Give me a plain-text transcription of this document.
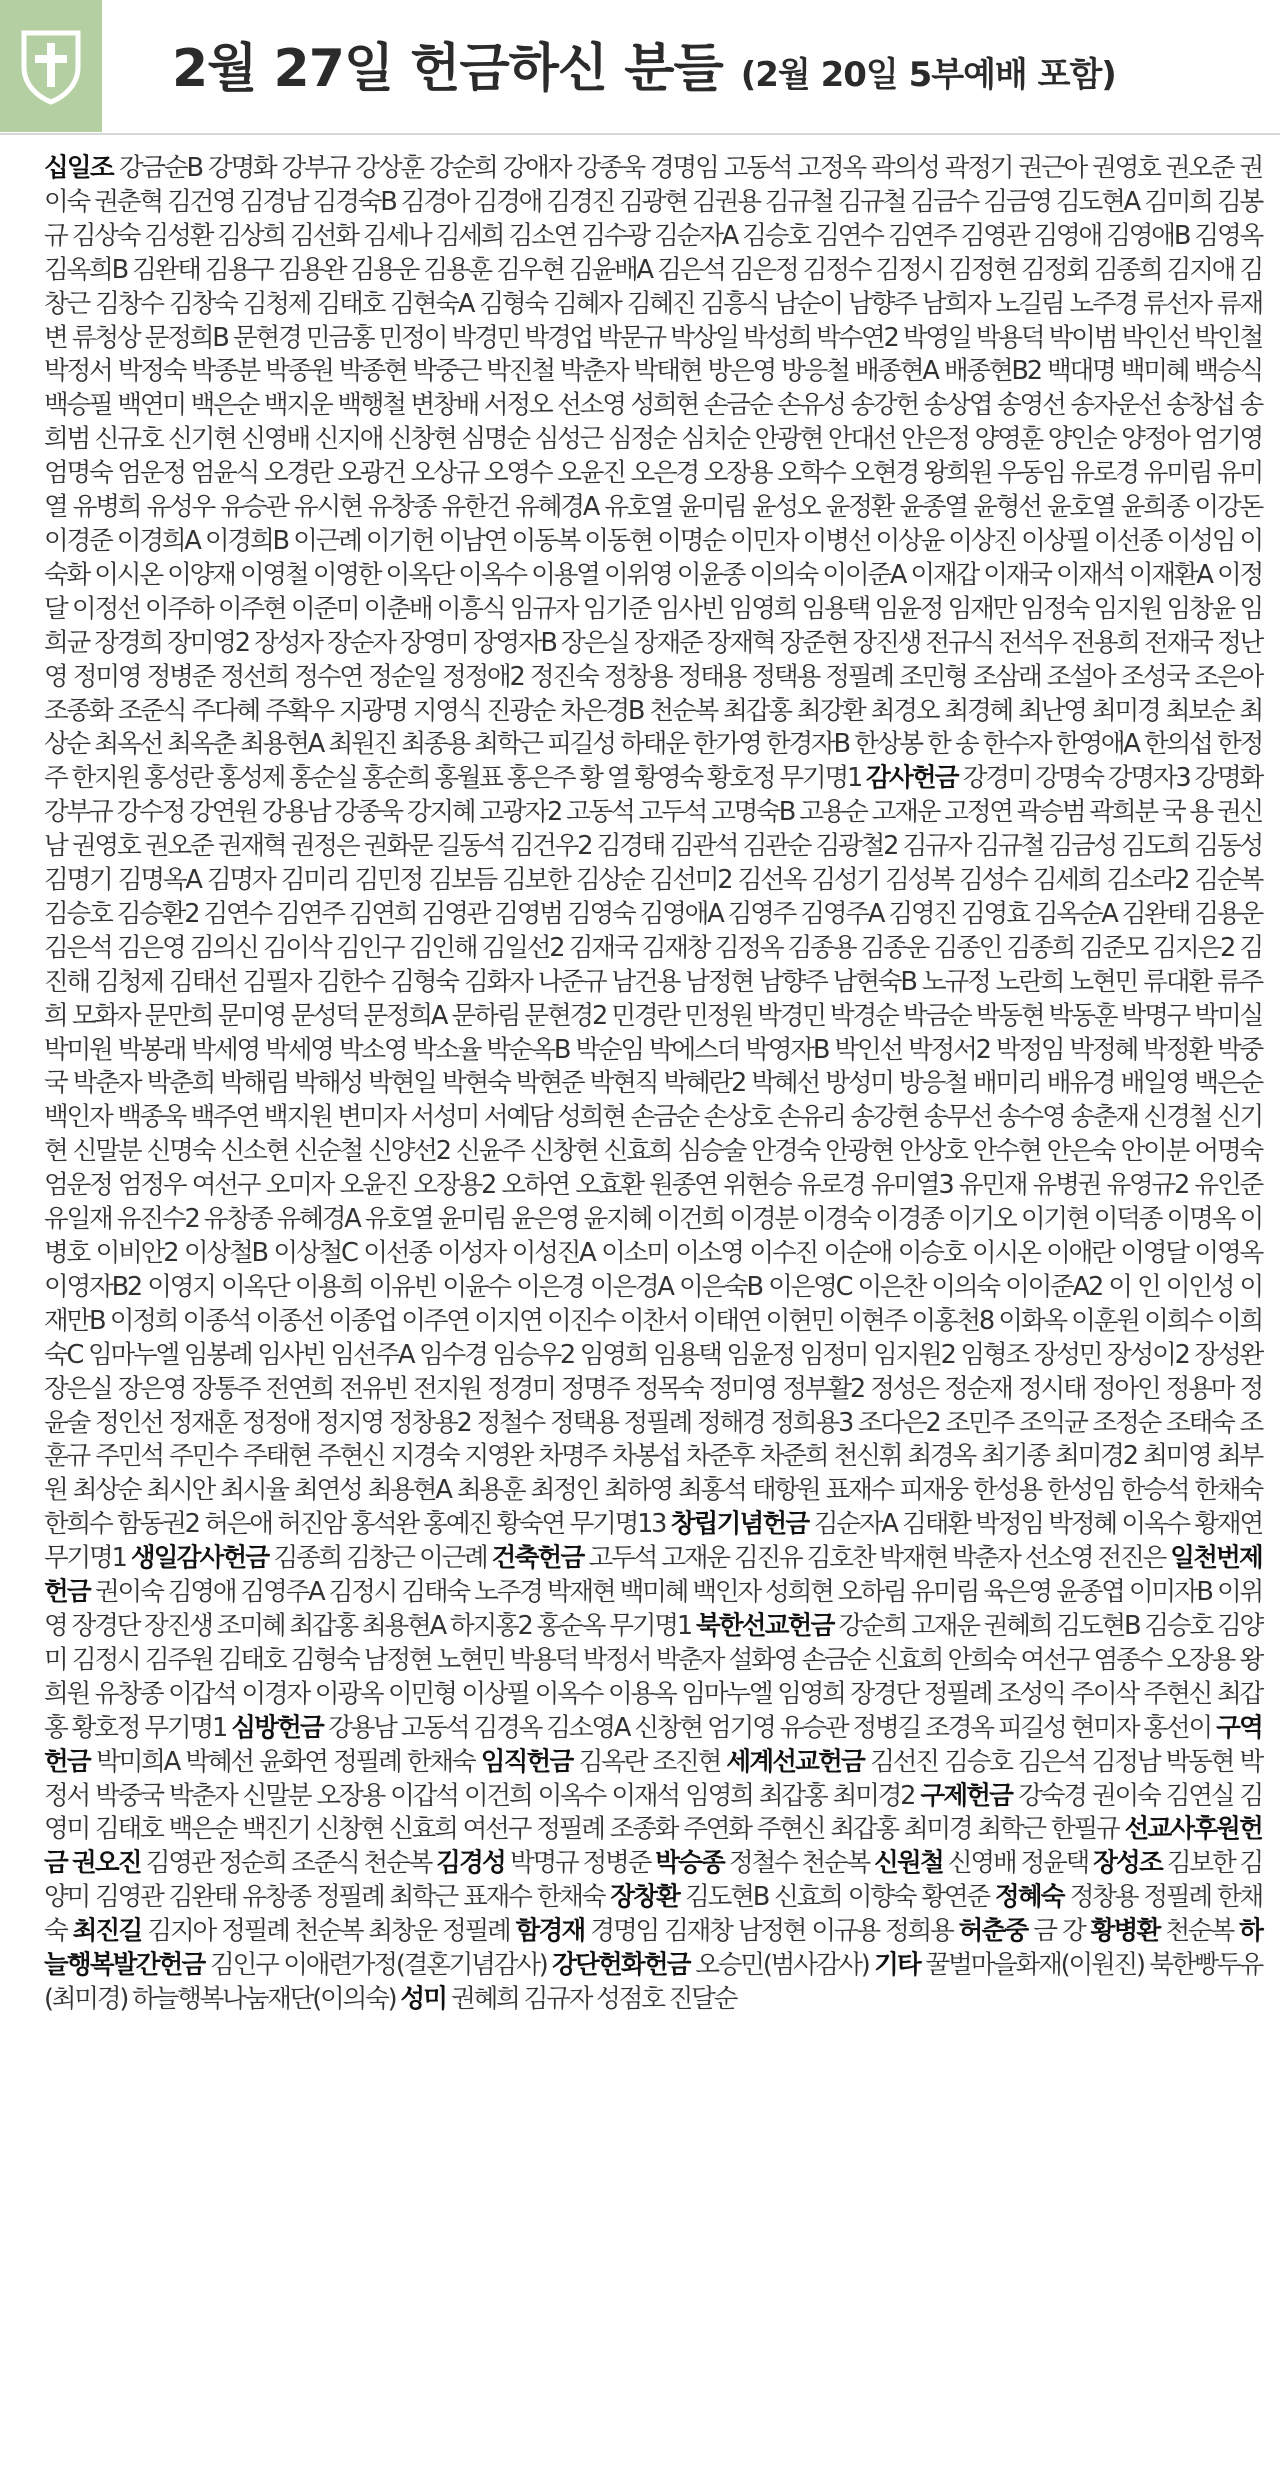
2월 27일 헌금하신 분들 (2월 20일 5부예배 포함)
십일조 강금순B 강명화 강부규 강상훈 강순희 강애자 강종욱 경명임 고동석 고정옥 곽의성 곽정기 권근아 권영호 권오준 권이숙 권춘혁 김건영 김경남 김경숙B 김경아 김경애 김경진 김광현 김권용 김규철 김규철 김금수 김금영 김도현A 김미희 김봉규 김상숙 김성환 김상희 김선화 김세나 김세희 김소연 김수광 김순자A 김승호 김연수 김연주 김영관 김영애 김영애B 김영옥 김옥희B 김완태 김용구 김용완 김용운 김용훈 김우현 김윤배A 김은석 김은정 김정수 김정시 김정현 김정회 김종희 김지애 김창근 김창수 김창숙 김청제 김태호 김현숙A 김형숙 김혜자 김혜진 김흥식 남순이 남향주 남희자 노길림 노주경 류선자 류재변 류청상 문정희B 문현경 민금홍 민정이 박경민 박경업 박문규 박상일 박성희 박수연2 박영일 박용덕 박이범 박인선 박인철 박정서 박정숙 박종분 박종원 박종현 박중근 박진철 박춘자 박태현 방은영 방응철 배종현A 배종현B2 백대명 백미혜 백승식 백승필 백연미 백은순 백지운 백행철 변창배 서정오 선소영 성희현 손금순 손유성 송강헌 송상엽 송영선 송자운선 송창섭 송희범 신규호 신기현 신영배 신지애 신창현 심명순 심성근 심정순 심치순 안광현 안대선 안은정 양영훈 양인순 양정아 엄기영 엄명숙 엄운정 엄윤식 오경란 오광건 오상규 오영수 오윤진 오은경 오장용 오학수 오현경 왕희원 우동임 유로경 유미림 유미열 유병희 유성우 유승관 유시현 유창종 유한건 유혜경A 유호열 윤미림 윤성오 윤정환 윤종열 윤형선 윤호열 윤희종 이강돈 이경준 이경희A 이경희B 이근례 이기헌 이남연 이동복 이동현 이명순 이민자 이병선 이상윤 이상진 이상필 이선종 이성임 이숙화 이시온 이양재 이영철 이영한 이옥단 이옥수 이용열 이위영 이윤종 이의숙 이이준A 이재갑 이재국 이재석 이재환A 이정달 이정선 이주하 이주현 이준미 이춘배 이흥식 임규자 임기준 임사빈 임영희 임용택 임윤정 임재만 임정숙 임지원 임창윤 임희균 장경희 장미영2 장성자 장순자 장영미 장영자B 장은실 장재준 장재혁 장준현 장진생 전규식 전석우 전용희 전재국 정난영 정미영 정병준 정선희 정수연 정순일 정정애2 정진숙 정창용 정태용 정택용 정필례 조민형 조삼래 조설아 조성국 조은아 조종화 조준식 주다혜 주확우 지광명 지영식 진광순 차은경B 천순복 최갑홍 최강환 최경오 최경혜 최난영 최미경 최보순 최상순 최옥선 최옥춘 최용현A 최원진 최종용 최학근 피길성 하태운 한가영 한경자B 한상봉 한 송 한수자 한영애A 한의섭 한정주 한지원 홍성란 홍성제 홍순실 홍순희 홍월표 홍은주 황 열 황영숙 황호정 무기명1 감사헌금 강경미 강명숙 강명자3 강명화 강부규 강수정 강연원 강용남 강종욱 강지혜 고광자2 고동석 고두석 고명숙B 고용순 고재운 고정연 곽승범 곽희분 국 용 권신남 권영호 권오준 권재혁 권정은 권화문 길동석 김건우2 김경태 김관석 김관순 김광철2 김규자 김규철 김금성 김도희 김동성 김명기 김명옥A 김명자 김미리 김민정 김보듬 김보한 김상순 김선미2 김선옥 김성기 김성복 김성수 김세희 김소라2 김순복 김승호 김승환2 김연수 김연주 김연희 김영관 김영범 김영숙 김영애A 김영주 김영주A 김영진 김영효 김옥순A 김완태 김용운 김은석 김은영 김의신 김이삭 김인구 김인해 김일선2 김재국 김재창 김정옥 김종용 김종운 김종인 김종희 김준모 김지은2 김진해 김청제 김태선 김필자 김한수 김형숙 김화자 나준규 남건용 남정현 남향주 남현숙B 노규정 노란희 노현민 류대환 류주희 모화자 문만희 문미영 문성덕 문정희A 문하림 문현경2 민경란 민정원 박경민 박경순 박금순 박동현 박동훈 박명구 박미실 박미원 박봉래 박세영 박세영 박소영 박소율 박순옥B 박순임 박에스더 박영자B 박인선 박정서2 박정임 박정혜 박정환 박중국 박춘자 박춘희 박해림 박해성 박현일 박현숙 박현준 박현직 박혜란2 박혜선 방성미 방응철 배미리 배유경 배일영 백은순 백인자 백종욱 백주연 백지원 변미자 서성미 서예담 성희현 손금순 손상호 손유리 송강현 송무선 송수영 송춘재 신경철 신기현 신말분 신명숙 신소현 신순철 신양선2 신윤주 신창현 신효희 심승술 안경숙 안광현 안상호 안수현 안은숙 안이분 어명숙 엄운정 엄정우 여선구 오미자 오윤진 오장용2 오하연 오효환 원종연 위현승 유로경 유미열3 유민재 유병권 유영규2 유인준 유일재 유진수2 유창종 유혜경A 유호열 윤미림 윤은영 윤지혜 이건희 이경분 이경숙 이경종 이기오 이기현 이덕종 이명옥 이병호 이비안2 이상철B 이상철C 이선종 이성자 이성진A 이소미 이소영 이수진 이순애 이승호 이시온 이애란 이영달 이영옥 이영자B2 이영지 이옥단 이용희 이유빈 이윤수 이은경 이은경A 이은숙B 이은영C 이은찬 이의숙 이이준A2 이 인 이인성 이재만B 이정희 이종석 이종선 이종업 이주연 이지연 이진수 이찬서 이태연 이현민 이현주 이홍천8 이화옥 이훈원 이희수 이희숙C 임마누엘 임봉례 임사빈 임선주A 임수경 임승우2 임영희 임용택 임윤정 임정미 임지원2 임형조 장성민 장성이2 장성완 장은실 장은영 장통주 전연희 전유빈 전지원 정경미 정명주 정목숙 정미영 정부활2 정성은 정순재 정시태 정아인 정용마 정윤술 정인선 정재훈 정정애 정지영 정창용2 정철수 정택용 정필례 정해경 정희용3 조다은2 조민주 조익균 조정순 조태숙 조훈규 주민석 주민수 주태현 주현신 지경숙 지영완 차명주 차봉섭 차준후 차준희 천신휘 최경옥 최기종 최미경2 최미영 최부원 최상순 최시안 최시율 최연성 최용현A 최용훈 최정인 최하영 최홍석 태항원 표재수 피재웅 한성용 한성임 한승석 한채숙 한희수 함동권2 허은애 허진암 홍석완 홍예진 황숙연 무기명13 창립기념헌금 김순자A 김태환 박정임 박정혜 이옥수 황재연 무기명1 생일감사헌금 김종희 김창근 이근례 건축헌금 고두석 고재운 김진유 김호찬 박재현 박춘자 선소영 전진은 일천번제헌금 권이숙 김영애 김영주A 김정시 김태숙 노주경 박재현 백미혜 백인자 성희현 오하림 유미림 육은영 윤종엽 이미자B 이위영 장경단 장진생 조미혜 최갑홍 최용현A 하지홍2 홍순옥 무기명1 북한선교헌금 강순희 고재운 권혜희 김도현B 김승호 김양미 김정시 김주원 김태호 김형숙 남정현 노현민 박용덕 박정서 박춘자 설화영 손금순 신효희 안희숙 여선구 염종수 오장용 왕희원 유창종 이갑석 이경자 이광옥 이민형 이상필 이옥수 이용옥 임마누엘 임영희 장경단 정필례 조성익 주이삭 주현신 최갑홍 황호정 무기명1 심방헌금 강용남 고동석 김경옥 김소영A 신창현 엄기영 유승관 정병길 조경옥 피길성 현미자 홍선이 구역헌금 박미희A 박혜선 윤화연 정필례 한채숙 임직헌금 김옥란 조진현 세계선교헌금 김선진 김승호 김은석 김정남 박동현 박정서 박중국 박춘자 신말분 오장용 이갑석 이건희 이옥수 이재석 임영희 최갑홍 최미경2 구제헌금 강숙경 권이숙 김연실 김영미 김태호 백은순 백진기 신창현 신효희 여선구 정필례 조종화 주연화 주현신 최갑홍 최미경 최학근 한필규 선교사후원헌금 권오진 김영관 정순희 조준식 천순복 김경성 박명규 정병준 박승종 정철수 천순복 신원철 신영배 정윤택 장성조 김보한 김양미 김영관 김완태 유창종 정필례 최학근 표재수 한채숙 장창환 김도현B 신효희 이향숙 황연준 정혜숙 정창용 정필례 한채숙 최진길 김지아 정필례 천순복 최창운 정필례 함경재 경명임 김재창 남정현 이규용 정희용 허춘중 금 강 황병환 천순복 하늘행복발간헌금 김인구 이애련가정(결혼기념감사) 강단헌화헌금 오승민(범사감사) 기타 꿀벌마을화재(이원진) 북한빵두유(최미경) 하늘행복나눔재단(이의숙) 성미 권혜희 김규자 성점호 진달순
